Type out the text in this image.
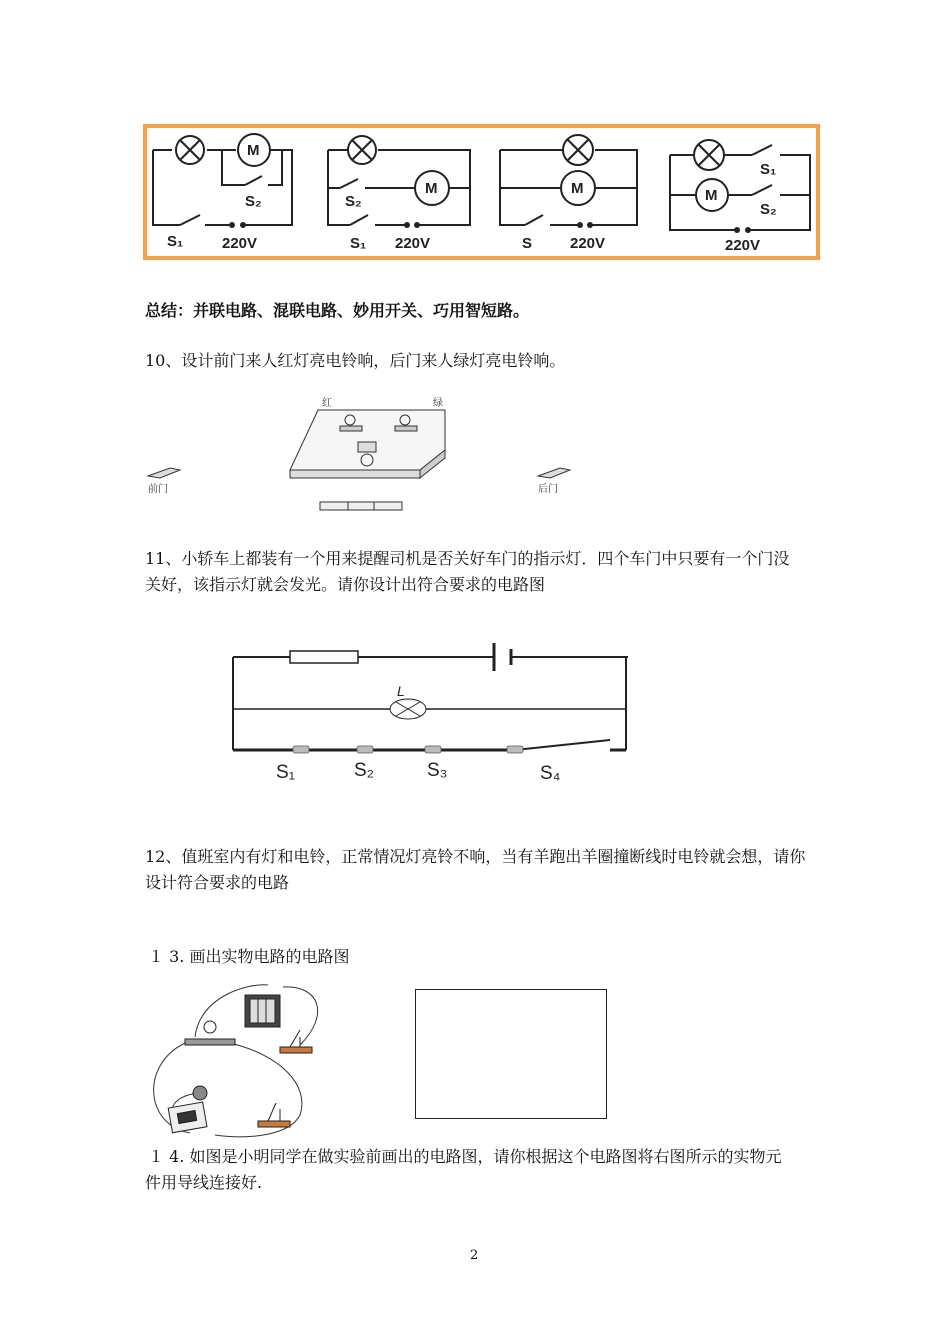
M
S₂
S₁	220V
M
S₂
S₁ 220V
M
S	220V
M
S₁
S₂
220V
总结：并联电路、混联电路、妙用开关、巧用智短路。
10、设计前门来人红灯亮电铃响，后门来人绿灯亮电铃响。
红	绿
前门	后门
11、小轿车上都装有一个用来提醒司机是否关好车门的指示灯．四个车门中只要有一个门没
关好，该指示灯就会发光。请你设计出符合要求的电路图
S₁	S₂	S₃	S₄
L
12、值班室内有灯和电铃，正常情况灯亮铃不响，当有羊跑出羊圈撞断线时电铃就会想，请你
设计符合要求的电路
１ 3. 画出实物电路的电路图
１ 4. 如图是小明同学在做实验前画出的电路图，请你根据这个电路图将右图所示的实物元
件用导线连接好.
2
